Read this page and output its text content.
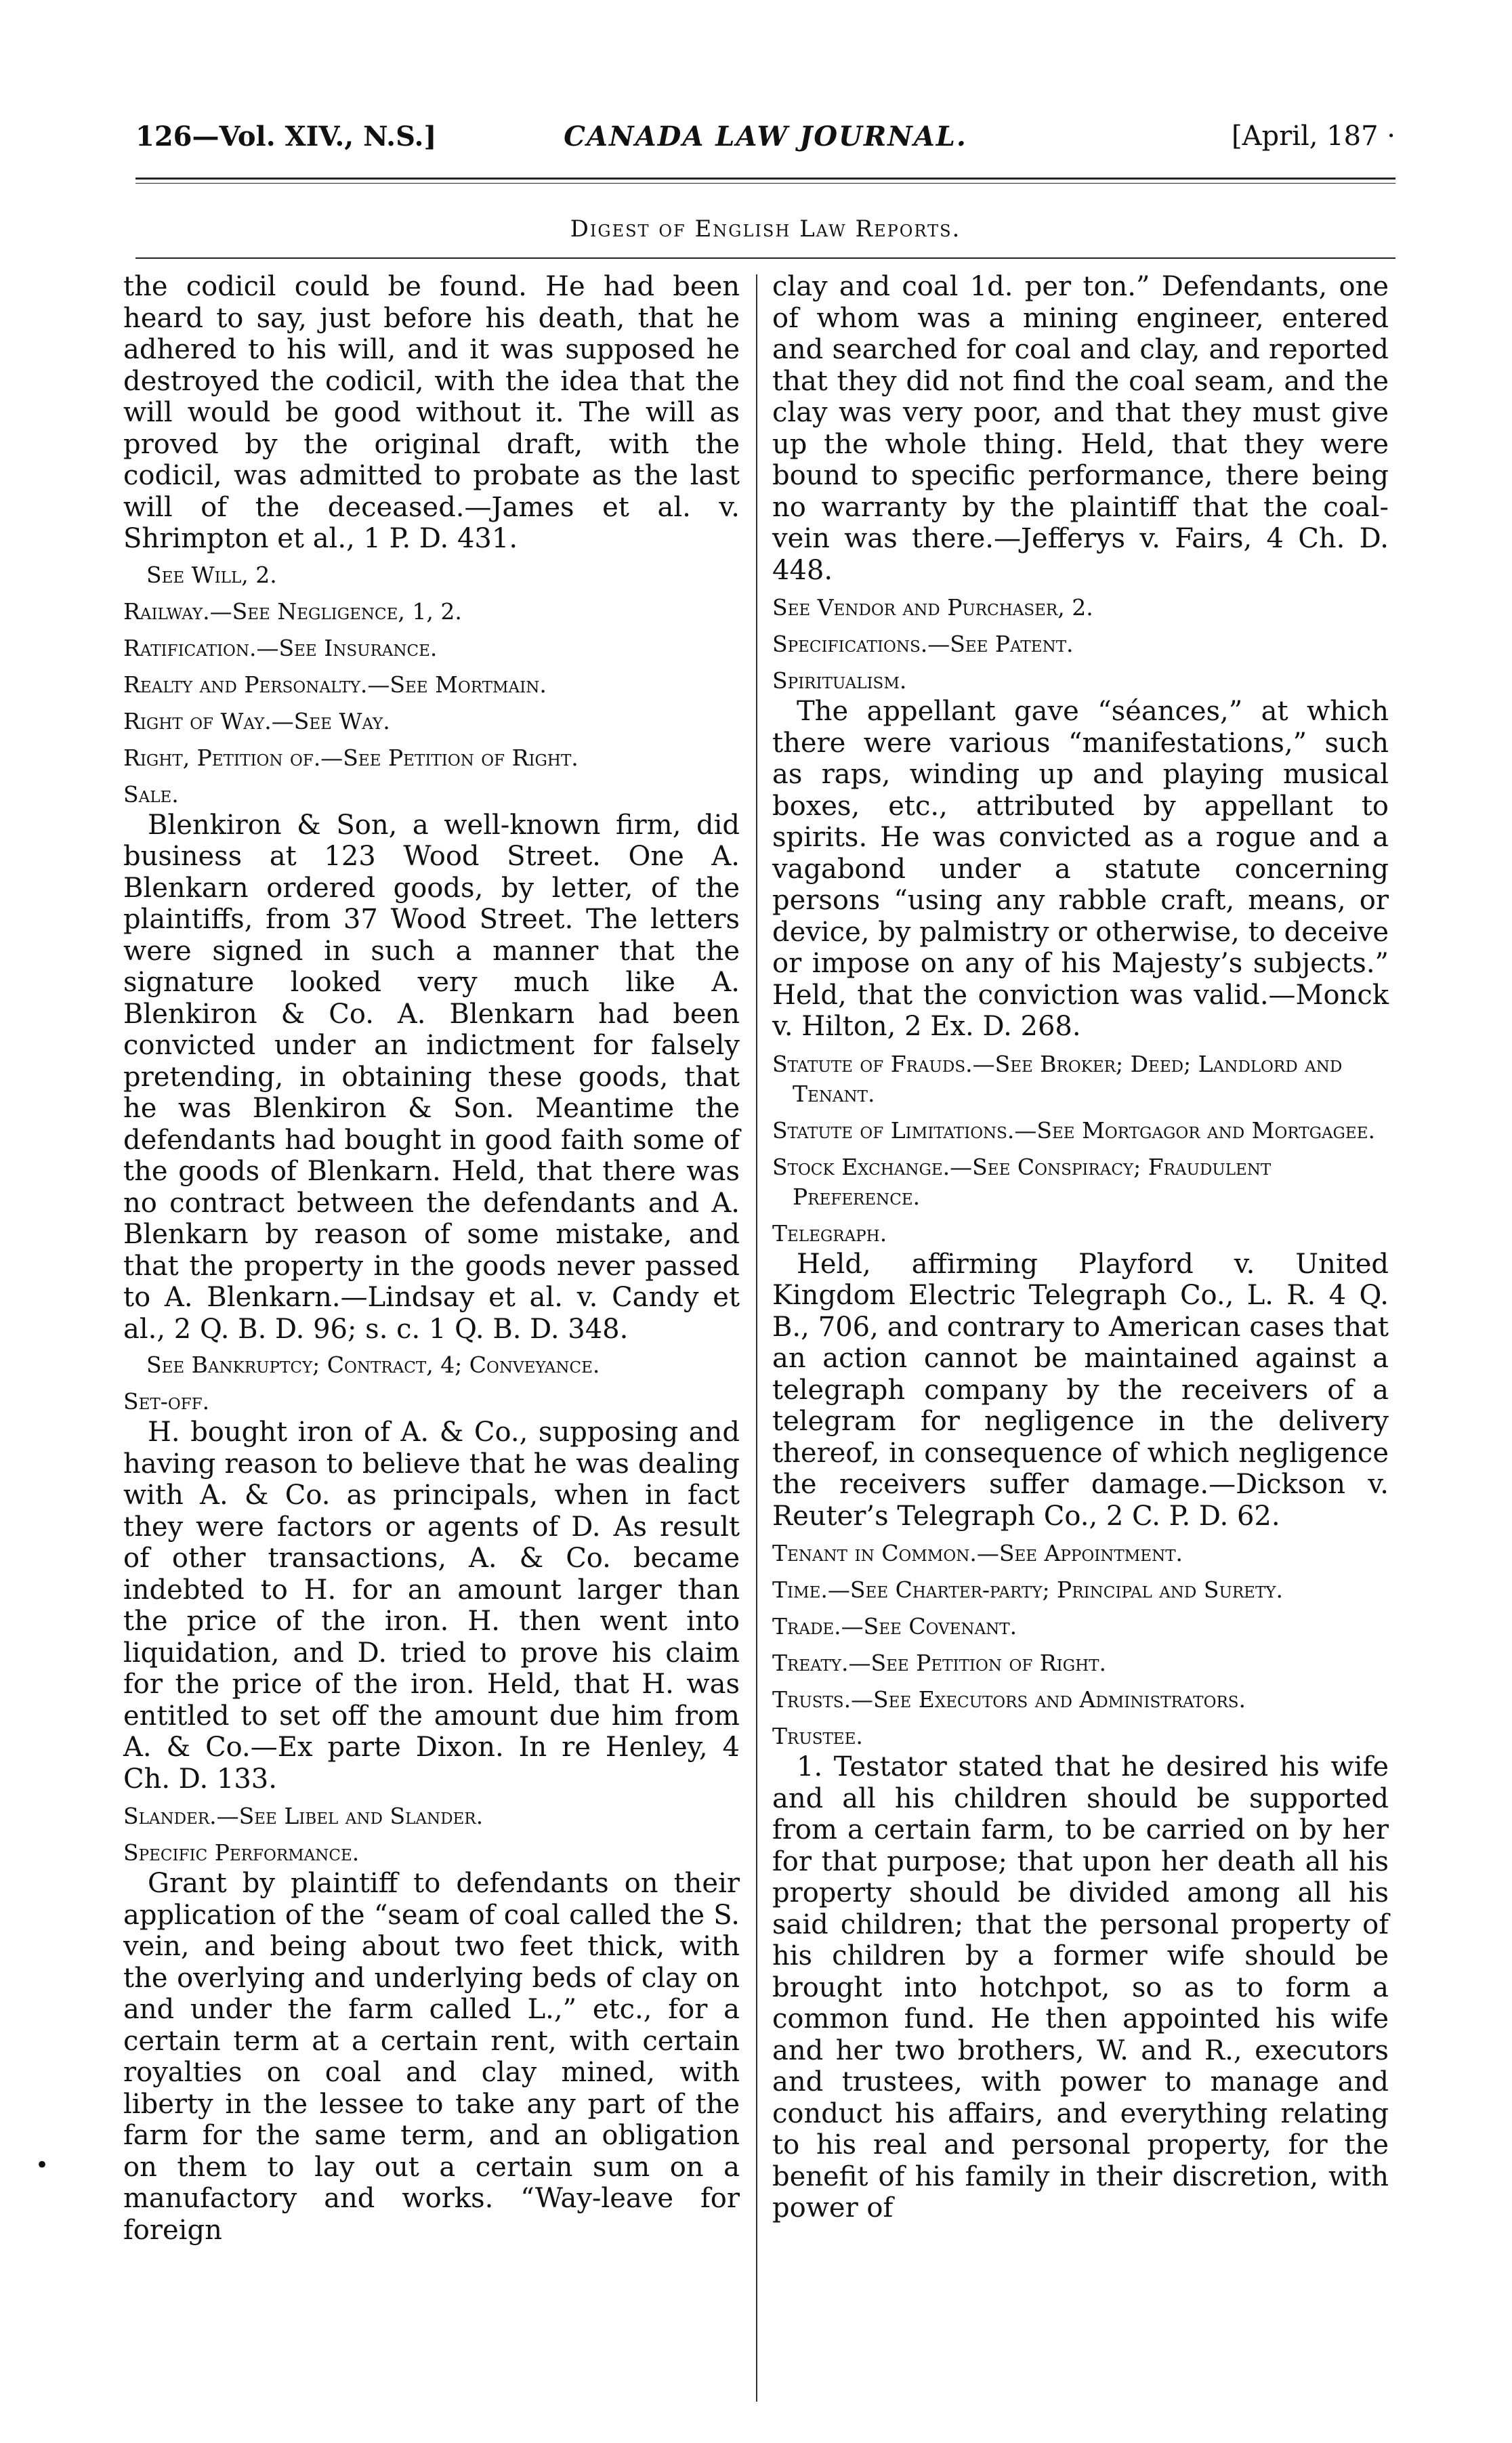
126—Vol. XIV., N.S.]	CANADA LAW JOURNAL.	[April, 187 ·
Digest of English Law Reports.

the codicil could be found. He had been heard to say, just before his death, that he adhered to his will, and it was supposed he destroyed the codicil, with the idea that the will would be good without it. The will as proved by the original draft, with the codicil, was admitted to probate as the last will of the deceased.—James et al. v. Shrimpton et al., 1 P. D. 431.

See Will, 2.

Railway.—See Negligence, 1, 2.

Ratification.—See Insurance.

Realty and Personalty.—See Mortmain.

Right of Way.—See Way.

Right, Petition of.—See Petition of Right.

Sale.

Blenkiron & Son, a well-known firm, did business at 123 Wood Street. One A. Blenkarn ordered goods, by letter, of the plaintiffs, from 37 Wood Street. The letters were signed in such a manner that the signature looked very much like A. Blenkiron & Co. A. Blenkarn had been convicted under an indictment for falsely pretending, in obtaining these goods, that he was Blenkiron & Son. Meantime the defendants had bought in good faith some of the goods of Blenkarn. Held, that there was no contract between the defendants and A. Blenkarn by reason of some mistake, and that the property in the goods never passed to A. Blenkarn.—Lindsay et al. v. Candy et al., 2 Q. B. D. 96; s. c. 1 Q. B. D. 348.

See Bankruptcy; Contract, 4; Conveyance.

Set-off.

H. bought iron of A. & Co., supposing and having reason to believe that he was dealing with A. & Co. as principals, when in fact they were factors or agents of D. As result of other transactions, A. & Co. became indebted to H. for an amount larger than the price of the iron. H. then went into liquidation, and D. tried to prove his claim for the price of the iron. Held, that H. was entitled to set off the amount due him from A. & Co.—Ex parte Dixon. In re Henley, 4 Ch. D. 133.

Slander.—See Libel and Slander.

Specific Performance.

Grant by plaintiff to defendants on their application of the “seam of coal called the S. vein, and being about two feet thick, with the overlying and underlying beds of clay on and under the farm called L.,” etc., for a certain term at a certain rent, with certain royalties on coal and clay mined, with liberty in the lessee to take any part of the farm for the same term, and an obligation on them to lay out a certain sum on a manufactory and works. “Way-leave for foreign

clay and coal 1d. per ton.” Defendants, one of whom was a mining engineer, entered and searched for coal and clay, and reported that they did not find the coal seam, and the clay was very poor, and that they must give up the whole thing. Held, that they were bound to specific performance, there being no warranty by the plaintiff that the coal-vein was there.—Jefferys v. Fairs, 4 Ch. D. 448.

See Vendor and Purchaser, 2.

Specifications.—See Patent.

Spiritualism.

The appellant gave “séances,” at which there were various “manifestations,” such as raps, winding up and playing musical boxes, etc., attributed by appellant to spirits. He was convicted as a rogue and a vagabond under a statute concerning persons “using any rabble craft, means, or device, by palmistry or otherwise, to deceive or impose on any of his Majesty’s subjects.” Held, that the conviction was valid.—Monck v. Hilton, 2 Ex. D. 268.

Statute of Frauds.—See Broker; Deed; Landlord and Tenant.

Statute of Limitations.—See Mortgagor and Mortgagee.

Stock Exchange.—See Conspiracy; Fraudulent Preference.

Telegraph.

Held, affirming Playford v. United Kingdom Electric Telegraph Co., L. R. 4 Q. B., 706, and contrary to American cases that an action cannot be maintained against a telegraph company by the receivers of a telegram for negligence in the delivery thereof, in consequence of which negligence the receivers suffer damage.—Dickson v. Reuter’s Telegraph Co., 2 C. P. D. 62.

Tenant in Common.—See Appointment.

Time.—See Charter-party; Principal and Surety.

Trade.—See Covenant.

Treaty.—See Petition of Right.

Trusts.—See Executors and Administrators.

Trustee.

1. Testator stated that he desired his wife and all his children should be supported from a certain farm, to be carried on by her for that purpose; that upon her death all his property should be divided among all his said children; that the personal property of his children by a former wife should be brought into hotchpot, so as to form a common fund. He then appointed his wife and her two brothers, W. and R., executors and trustees, with power to manage and conduct his affairs, and everything relating to his real and personal property, for the benefit of his family in their discretion, with power of

•
